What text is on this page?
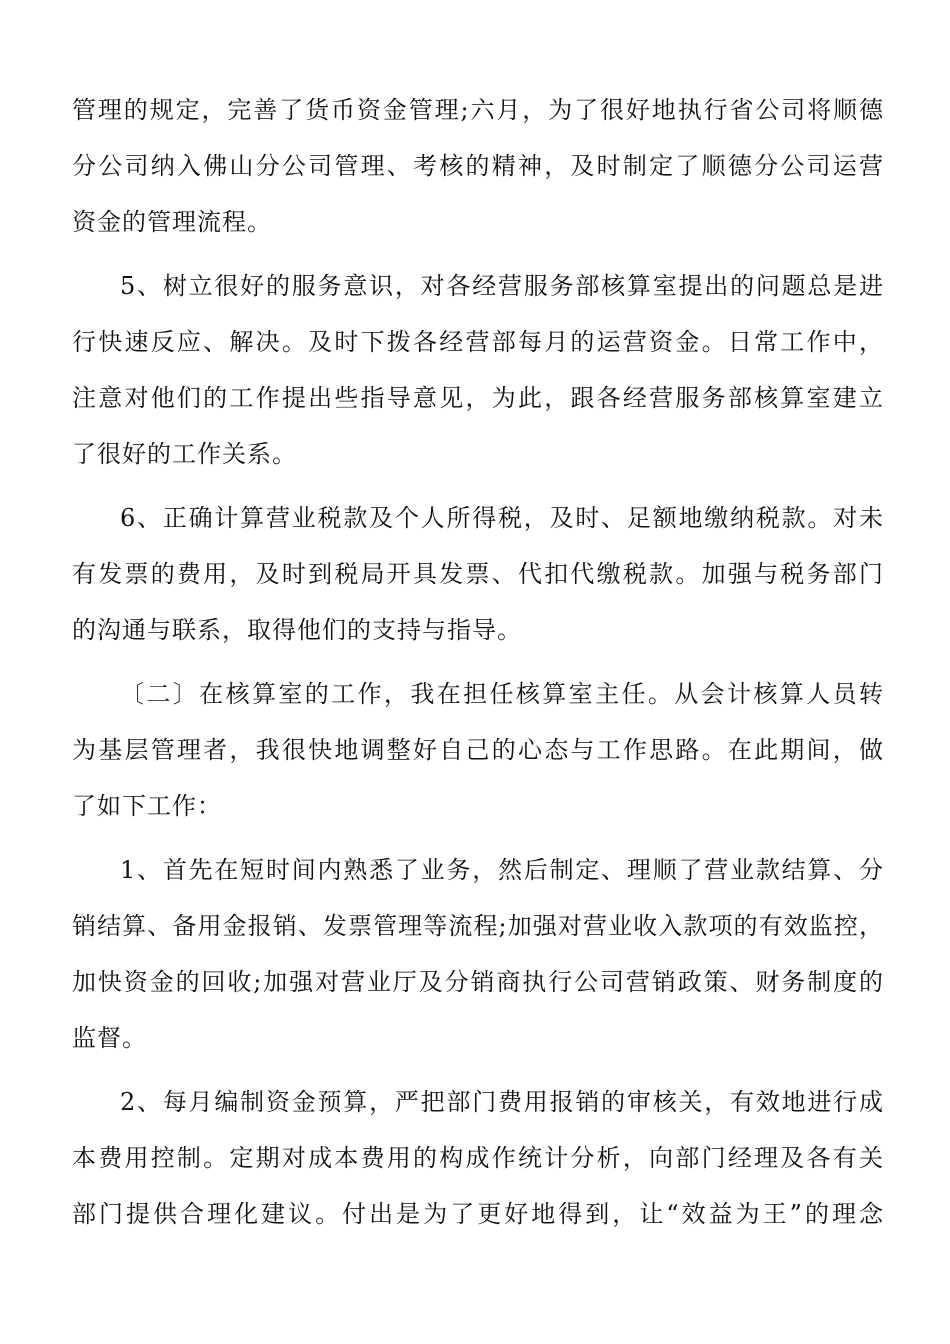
管理的规定，完善了货币资金管理;六月，为了很好地执行省公司将顺德
分公司纳入佛山分公司管理、考核的精神，及时制定了顺德分公司运营
资金的管理流程。
5、树立很好的服务意识，对各经营服务部核算室提出的问题总是进
行快速反应、解决。及时下拨各经营部每月的运营资金。日常工作中，
注意对他们的工作提出些指导意见，为此，跟各经营服务部核算室建立
了很好的工作关系。
6、正确计算营业税款及个人所得税，及时、足额地缴纳税款。对未
有发票的费用，及时到税局开具发票、代扣代缴税款。加强与税务部门
的沟通与联系，取得他们的支持与指导。
〔二〕在核算室的工作，我在担任核算室主任。从会计核算人员转
为基层管理者，我很快地调整好自己的心态与工作思路。在此期间，做
了如下工作：
1、首先在短时间内熟悉了业务，然后制定、理顺了营业款结算、分
销结算、备用金报销、发票管理等流程;加强对营业收入款项的有效监控，
加快资金的回收;加强对营业厅及分销商执行公司营销政策、财务制度的
监督。
2、每月编制资金预算，严把部门费用报销的审核关，有效地进行成
本费用控制。定期对成本费用的构成作统计分析，向部门经理及各有关
部门提供合理化建议。付出是为了更好地得到，让“效益为王”的理念
